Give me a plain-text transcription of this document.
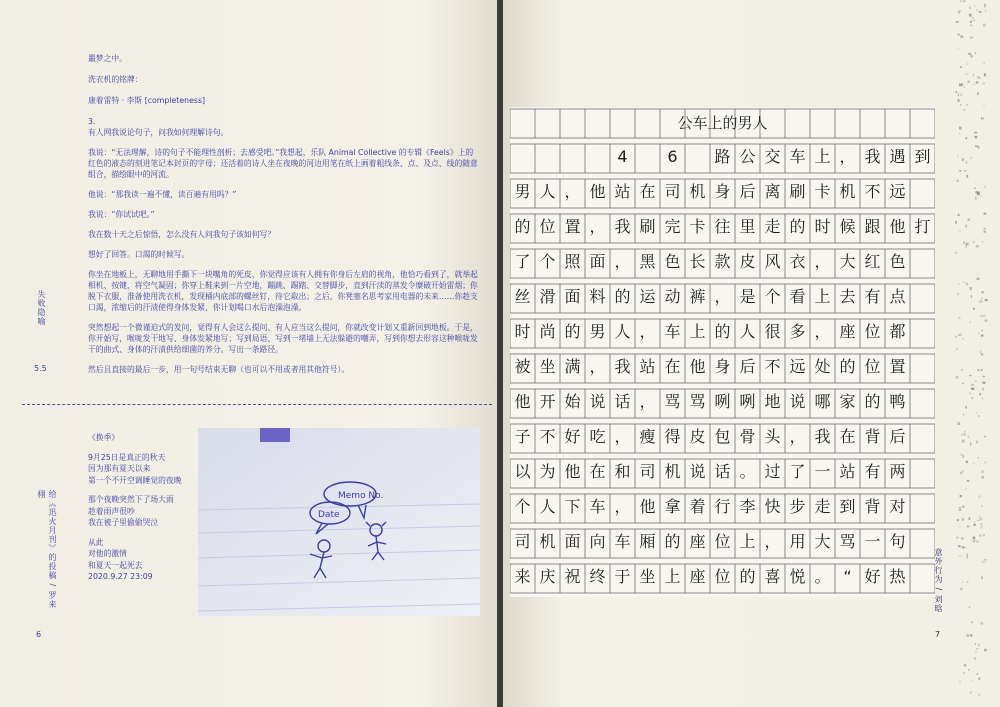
噩梦之中。

洗衣机的铭牌：

康着雷特 · 李斯 [completeness]

3.

有人网我说论句子，问我如何理解诗句。

我说：“无法理解，诗的句子不能理性剖析；去感受吧。”我想起，乐队 Animal Collective 的专辑《Feels》上的红色的液态的刻进笔记本封页的字母；还活着的诗人坐在夜晚的河边用笔在纸上画着粗线条、点、及点、线的随意组合，描绘眼中的河流。

他说：“那我读一遍不懂，读百遍有用吗？”

我说：“你试试吧。”

我在数十天之后惊悟，怎么没有人问我句子该如何写？

想好了回答。口渴的时候写。

你坐在地板上，无聊地用手撕下一块嘴角的死皮，你觉得应该有人拥有你身后左肩的视角，他恰巧看到了，就举起相机、按键，将空气凝固；你穿上鞋来到一片空地，蹦跳、踢踏、交替脚步，直到汗渎的蒸发令糜破开始雷烟；你脱下衣服，准备使用洗衣机，发现桶内底部的螺丝钉，待它取出；之后，你凳塞名思考家用电器的未来……你趁支口渴，浓缩后的汗渍使得身体发紧，你计划喝口水后泡澡泡澡。

突然想起一个微谨迫式的发问，觉得有人会这么提问、有人应当这么提问，你就改变计划又重新回到地板。于是，你开始写，喉咙发干地写、身体发紧地写；写到局语、写到一堵墙上无法躲避的嘲弄，写到你想去形容这种喉咙发干的曲式、身体的汗渍供给细菌的养分。写出一条路径。

然后且直接的最后一步，用一句号结束无聊（也可以不用或者用其他符号）。

失败隐喻
5.5
《换季》
9月25日是真正的秋天
因为那有夏天以来
第一个不开空调睡觉的夜晚
那个夜晚突然下了场大雨
趁着雨声很吵
我在被子里偷偷哭泣
从此
对他的激情
和夏天一起死去
2020.9.27 23:09
Memo No.
Date
给《迅火月刊》的投稿 / 罗来栩
6
公车上的男人
4	6	路 公 交 车 上 ， 我 遇 到
男 人 ， 他 站 在 司 机 身 后 离 刷 卡 机 不 远
的 位 置 ， 我 刷 完 卡 往 里 走 的 时 候 跟 他 打
了 个 照 面 ， 黑 色 长 款 皮 风 衣 ， 大 红 色
丝 滑 面 料 的 运 动 裤 ， 是 个 看 上 去 有 点
时 尚 的 男 人 ， 车 上 的 人 很 多 ， 座 位 都
被 坐 满 ， 我 站 在 他 身 后 不 远 处 的 位 置
他 开 始 说 话 ， 骂 骂 咧 咧 地 说 哪 家 的 鸭
子 不 好 吃 ， 瘦 得 皮 包 骨 头 ， 我 在 背 后
以 为 他 在 和 司 机 说 话 。 过 了 一 站 有 两
个 人 下 车 ， 他 拿 着 行 李 快 步 走 到 背 对
司 机 面 向 车 厢 的 座 位 上 ， 用 大 骂 一 句
来 庆 祝 终 于 坐 上 座 位 的 喜 悦 。 “ 好 热	意外行为 / 刘晗
7
